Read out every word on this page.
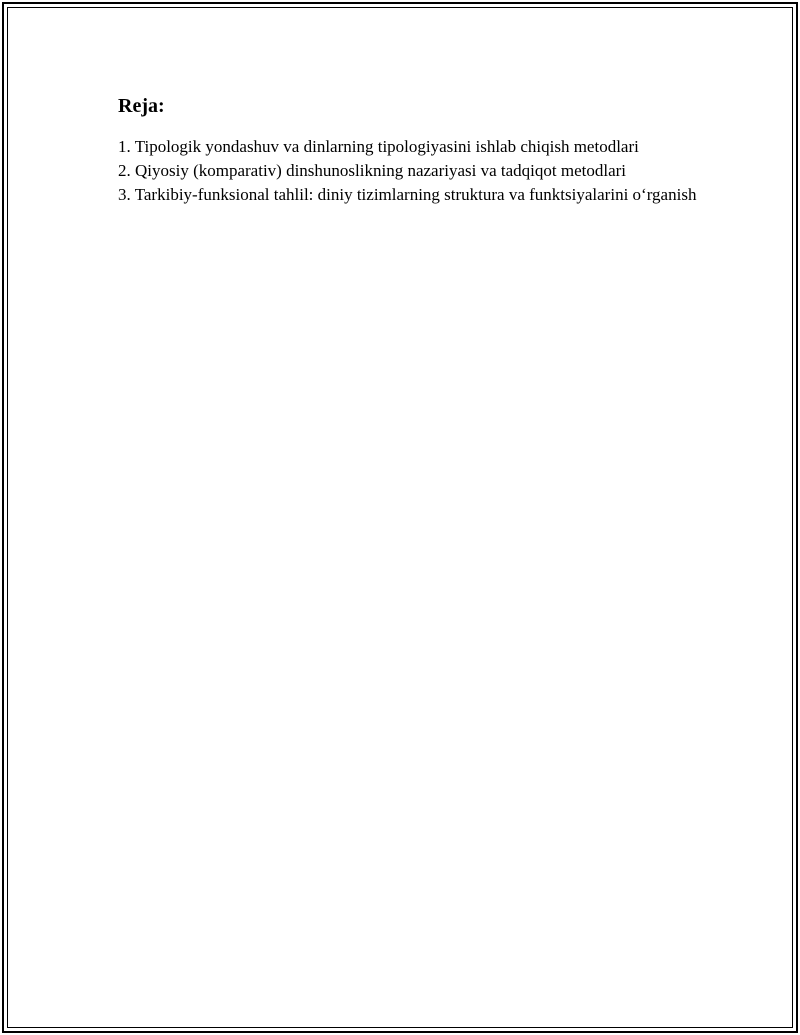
Reja:

1. Tipologik yondashuv va dinlarning tipologiyasini ishlab chiqish metodlari

2. Qiyosiy (komparativ) dinshunoslikning nazariyasi va tadqiqot metodlari

3. Tarkibiy-funksional tahlil: diniy tizimlarning struktura va funktsiyalarini o‘rganish
